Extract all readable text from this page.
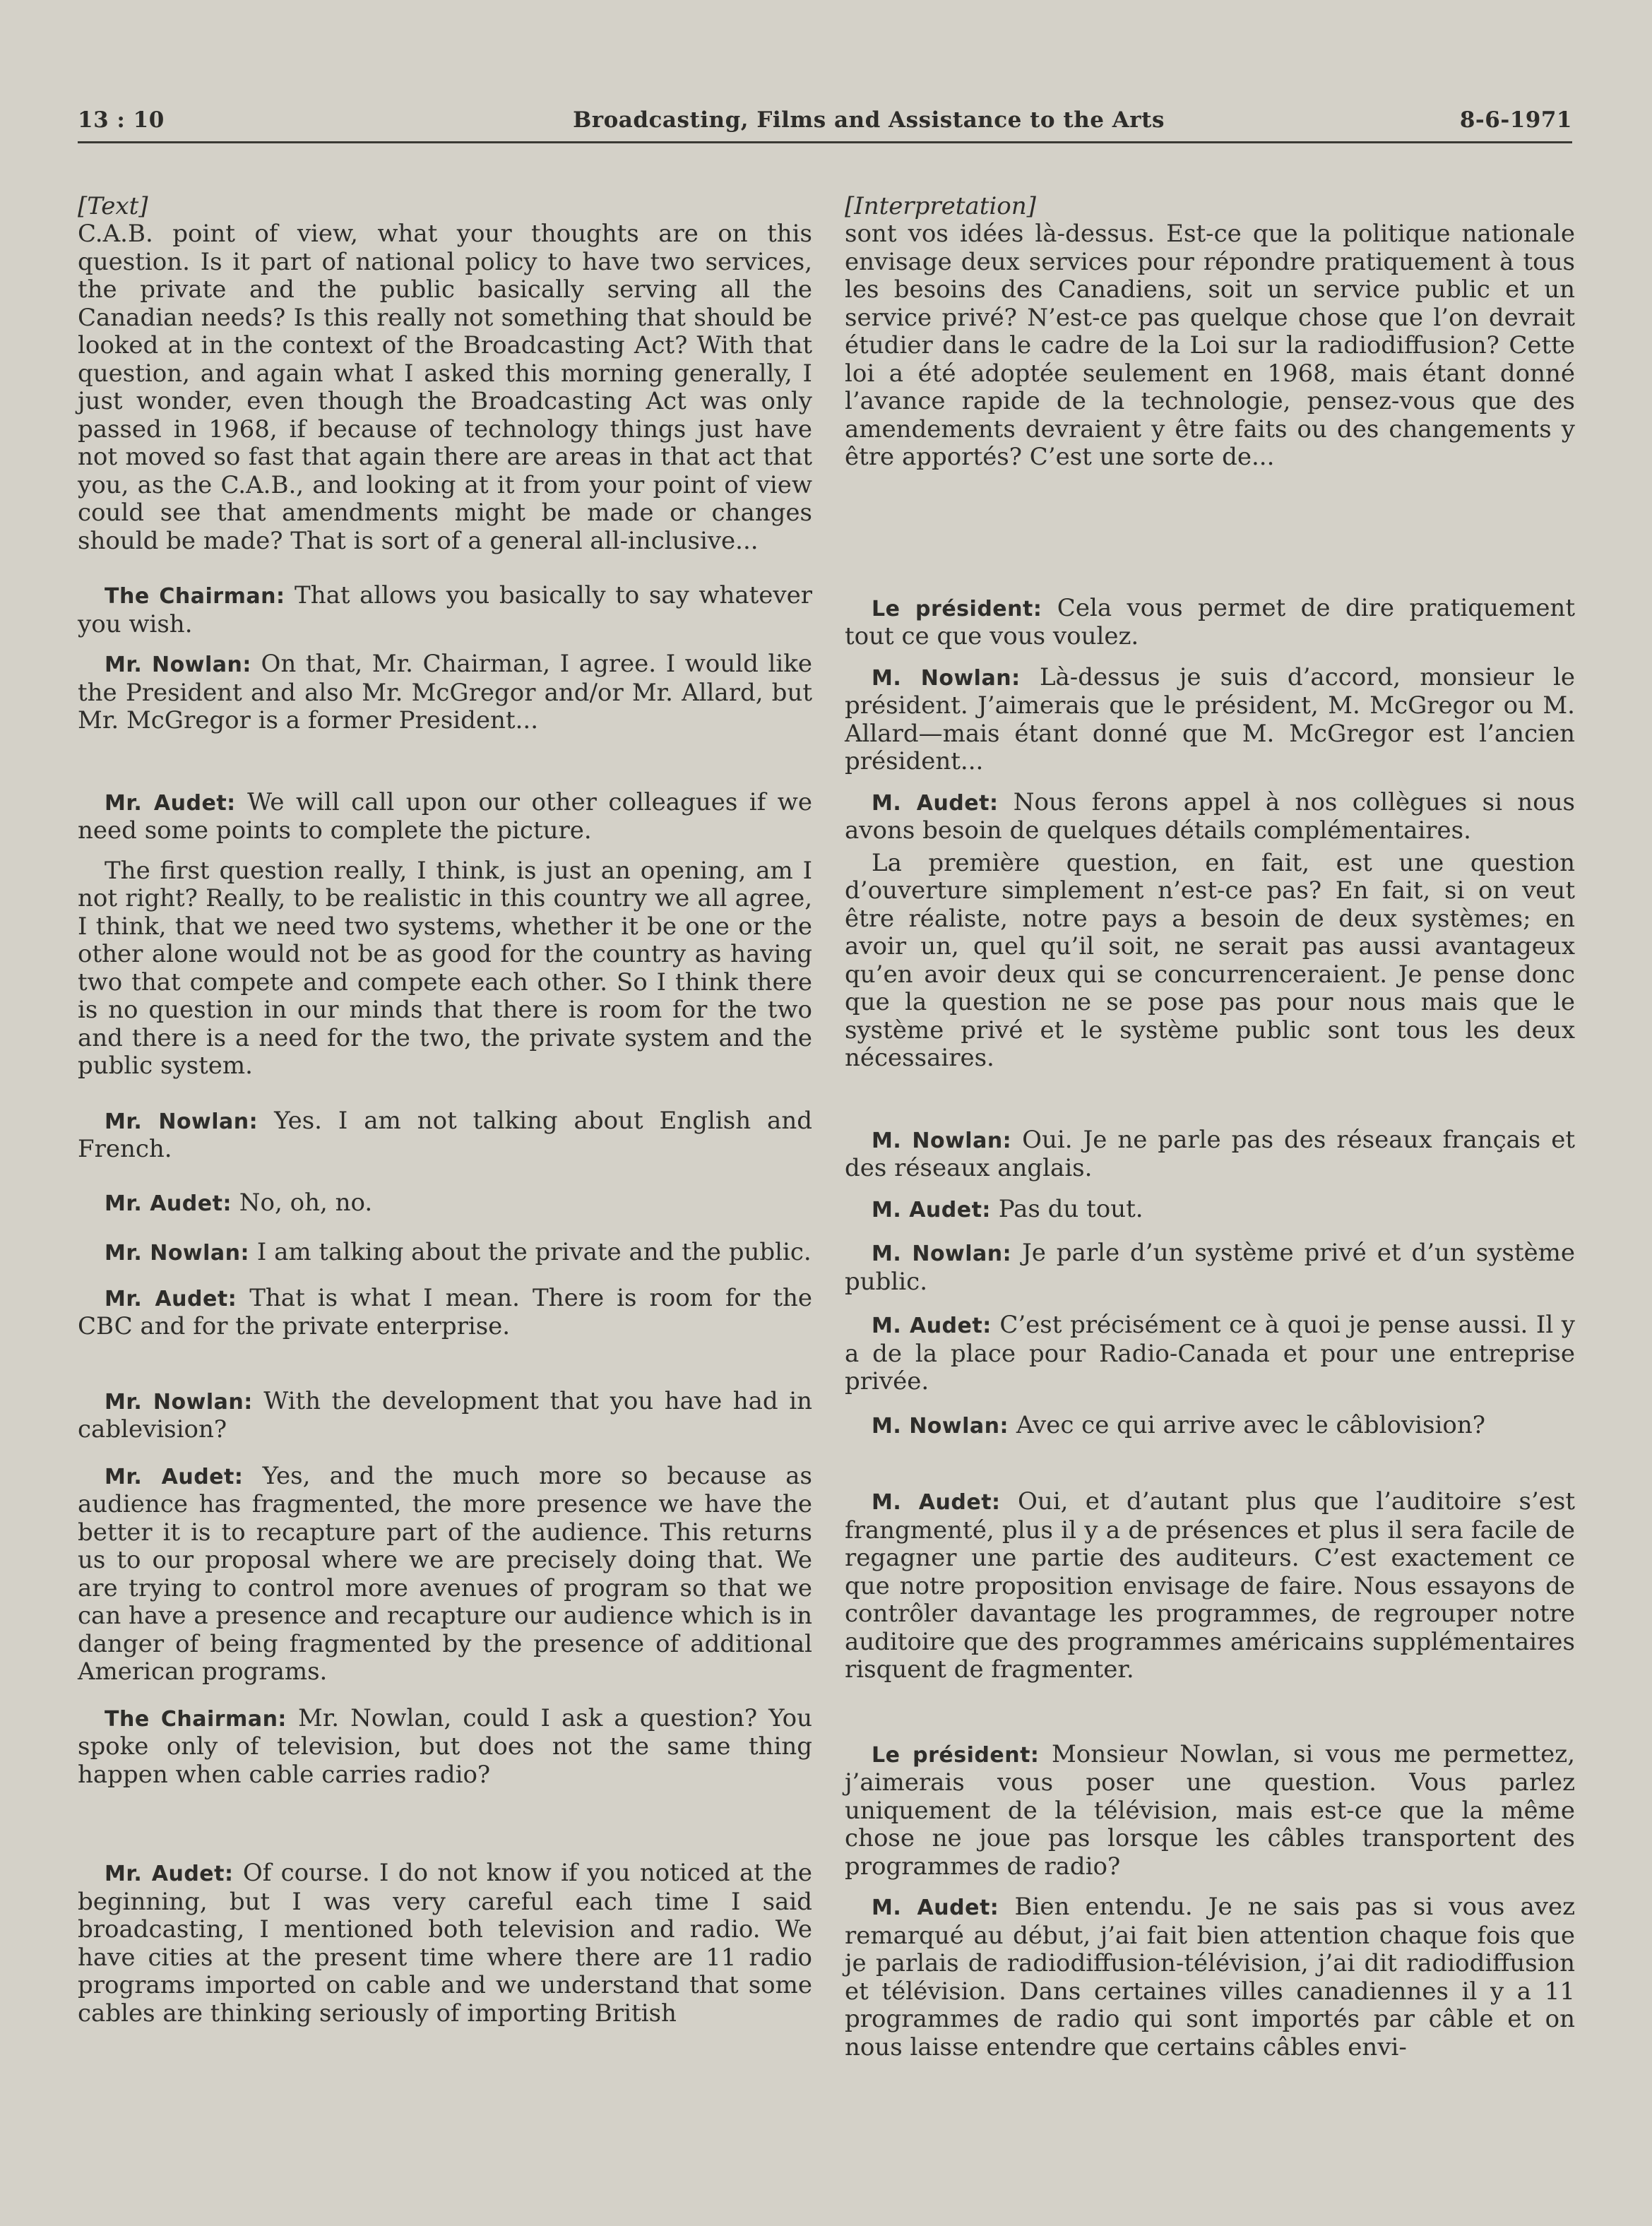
13 : 10	Broadcasting, Films and Assistance to the Arts	8-6-1971
[Text]

C.A.B. point of view, what your thoughts are on this question. Is it part of national policy to have two services, the private and the public basically serving all the Canadian needs? Is this really not something that should be looked at in the context of the Broadcasting Act? With that question, and again what I asked this morning generally, I just wonder, even though the Broadcasting Act was only passed in 1968, if because of technology things just have not moved so fast that again there are areas in that act that you, as the C.A.B., and looking at it from your point of view could see that amendments might be made or changes should be made? That is sort of a general all-inclusive...

The Chairman: That allows you basically to say whatever you wish.

Mr. Nowlan: On that, Mr. Chairman, I agree. I would like the President and also Mr. McGregor and/or Mr. Allard, but Mr. McGregor is a former President...

Mr. Audet: We will call upon our other colleagues if we need some points to complete the picture.

The first question really, I think, is just an opening, am I not right? Really, to be realistic in this country we all agree, I think, that we need two systems, whether it be one or the other alone would not be as good for the country as having two that compete and compete each other. So I think there is no question in our minds that there is room for the two and there is a need for the two, the private system and the public system.

Mr. Nowlan: Yes. I am not talking about English and French.

Mr. Audet: No, oh, no.

Mr. Nowlan: I am talking about the private and the public.

Mr. Audet: That is what I mean. There is room for the CBC and for the private enterprise.

Mr. Nowlan: With the development that you have had in cablevision?

Mr. Audet: Yes, and the much more so because as audience has fragmented, the more presence we have the better it is to recapture part of the audience. This returns us to our proposal where we are precisely doing that. We are trying to control more avenues of program so that we can have a presence and recapture our audience which is in danger of being fragmented by the presence of additional American programs.

The Chairman: Mr. Nowlan, could I ask a question? You spoke only of television, but does not the same thing happen when cable carries radio?

Mr. Audet: Of course. I do not know if you noticed at the beginning, but I was very careful each time I said broadcasting, I mentioned both television and radio. We have cities at the present time where there are 11 radio programs imported on cable and we understand that some cables are thinking seriously of importing British

[Interpretation]

sont vos idées là-dessus. Est-ce que la politique nationale envisage deux services pour répondre pratiquement à tous les besoins des Canadiens, soit un service public et un service privé? N’est-ce pas quelque chose que l’on devrait étudier dans le cadre de la Loi sur la radiodiffusion? Cette loi a été adoptée seulement en 1968, mais étant donné l’avance rapide de la technologie, pensez-vous que des amendements devraient y être faits ou des changements y être apportés? C’est une sorte de...

Le président: Cela vous permet de dire pratiquement tout ce que vous voulez.

M. Nowlan: Là-dessus je suis d’accord, monsieur le président. J’aimerais que le président, M. McGregor ou M. Allard—mais étant donné que M. McGregor est l’ancien président...

M. Audet: Nous ferons appel à nos collègues si nous avons besoin de quelques détails complémentaires.

La première question, en fait, est une question d’ouverture simplement n’est-ce pas? En fait, si on veut être réaliste, notre pays a besoin de deux systèmes; en avoir un, quel qu’il soit, ne serait pas aussi avantageux qu’en avoir deux qui se concurrenceraient. Je pense donc que la question ne se pose pas pour nous mais que le système privé et le système public sont tous les deux nécessaires.

M. Nowlan: Oui. Je ne parle pas des réseaux français et des réseaux anglais.

M. Audet: Pas du tout.

M. Nowlan: Je parle d’un système privé et d’un système public.

M. Audet: C’est précisément ce à quoi je pense aussi. Il y a de la place pour Radio-Canada et pour une entreprise privée.

M. Nowlan: Avec ce qui arrive avec le câblovision?

M. Audet: Oui, et d’autant plus que l’auditoire s’est frangmenté, plus il y a de présences et plus il sera facile de regagner une partie des auditeurs. C’est exactement ce que notre proposition envisage de faire. Nous essayons de contrôler davantage les programmes, de regrouper notre auditoire que des programmes américains supplémentaires risquent de fragmenter.

Le président: Monsieur Nowlan, si vous me permettez, j’aimerais vous poser une question. Vous parlez uniquement de la télévision, mais est-ce que la même chose ne joue pas lorsque les câbles transportent des programmes de radio?

M. Audet: Bien entendu. Je ne sais pas si vous avez remarqué au début, j’ai fait bien attention chaque fois que je parlais de radiodiffusion-télévision, j’ai dit radiodiffusion et télévision. Dans certaines villes canadiennes il y a 11 programmes de radio qui sont importés par câble et on nous laisse entendre que certains câbles envi-
